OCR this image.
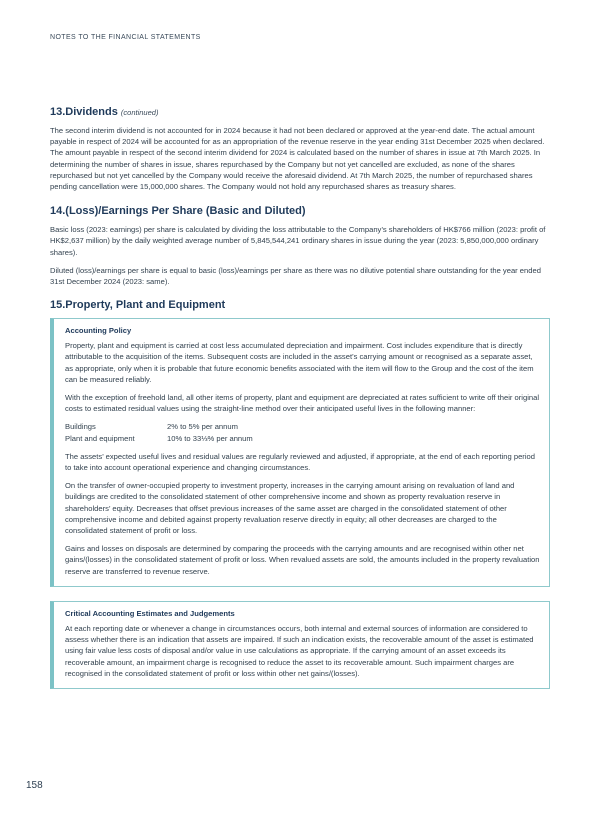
NOTES TO THE FINANCIAL STATEMENTS
13.Dividends (continued)

The second interim dividend is not accounted for in 2024 because it had not been declared or approved at the year-end date. The actual amount payable in respect of 2024 will be accounted for as an appropriation of the revenue reserve in the year ending 31st December 2025 when declared. The amount payable in respect of the second interim dividend for 2024 is calculated based on the number of shares in issue at 7th March 2025. In determining the number of shares in issue, shares repurchased by the Company but not yet cancelled are excluded, as none of the shares repurchased but not yet cancelled by the Company would receive the aforesaid dividend. At 7th March 2025, the number of repurchased shares pending cancellation were 15,000,000 shares. The Company would not hold any repurchased shares as treasury shares.

14.(Loss)/Earnings Per Share (Basic and Diluted)

Basic loss (2023: earnings) per share is calculated by dividing the loss attributable to the Company’s shareholders of HK$766 million (2023: profit of HK$2,637 million) by the daily weighted average number of 5,845,544,241 ordinary shares in issue during the year (2023: 5,850,000,000 ordinary shares).

Diluted (loss)/earnings per share is equal to basic (loss)/earnings per share as there was no dilutive potential share outstanding for the year ended 31st December 2024 (2023: same).

15.Property, Plant and Equipment
Accounting Policy

Property, plant and equipment is carried at cost less accumulated depreciation and impairment. Cost includes expenditure that is directly attributable to the acquisition of the items. Subsequent costs are included in the asset’s carrying amount or recognised as a separate asset, as appropriate, only when it is probable that future economic benefits associated with the item will flow to the Group and the cost of the item can be measured reliably.

With the exception of freehold land, all other items of property, plant and equipment are depreciated at rates sufficient to write off their original costs to estimated residual values using the straight-line method over their anticipated useful lives in the following manner:

Buildings	2% to 5% per annum
Plant and equipment	10% to 33⅓% per annum

The assets’ expected useful lives and residual values are regularly reviewed and adjusted, if appropriate, at the end of each reporting period to take into account operational experience and changing circumstances.

On the transfer of owner-occupied property to investment property, increases in the carrying amount arising on revaluation of land and buildings are credited to the consolidated statement of other comprehensive income and shown as property revaluation reserve in shareholders’ equity. Decreases that offset previous increases of the same asset are charged in the consolidated statement of other comprehensive income and debited against property revaluation reserve directly in equity; all other decreases are charged to the consolidated statement of profit or loss.

Gains and losses on disposals are determined by comparing the proceeds with the carrying amounts and are recognised within other net gains/(losses) in the consolidated statement of profit or loss. When revalued assets are sold, the amounts included in the property revaluation reserve are transferred to revenue reserve.

Critical Accounting Estimates and Judgements

At each reporting date or whenever a change in circumstances occurs, both internal and external sources of information are considered to assess whether there is an indication that assets are impaired. If such an indication exists, the recoverable amount of the asset is estimated using fair value less costs of disposal and/or value in use calculations as appropriate. If the carrying amount of an asset exceeds its recoverable amount, an impairment charge is recognised to reduce the asset to its recoverable amount. Such impairment charges are recognised in the consolidated statement of profit or loss within other net gains/(losses).

158
